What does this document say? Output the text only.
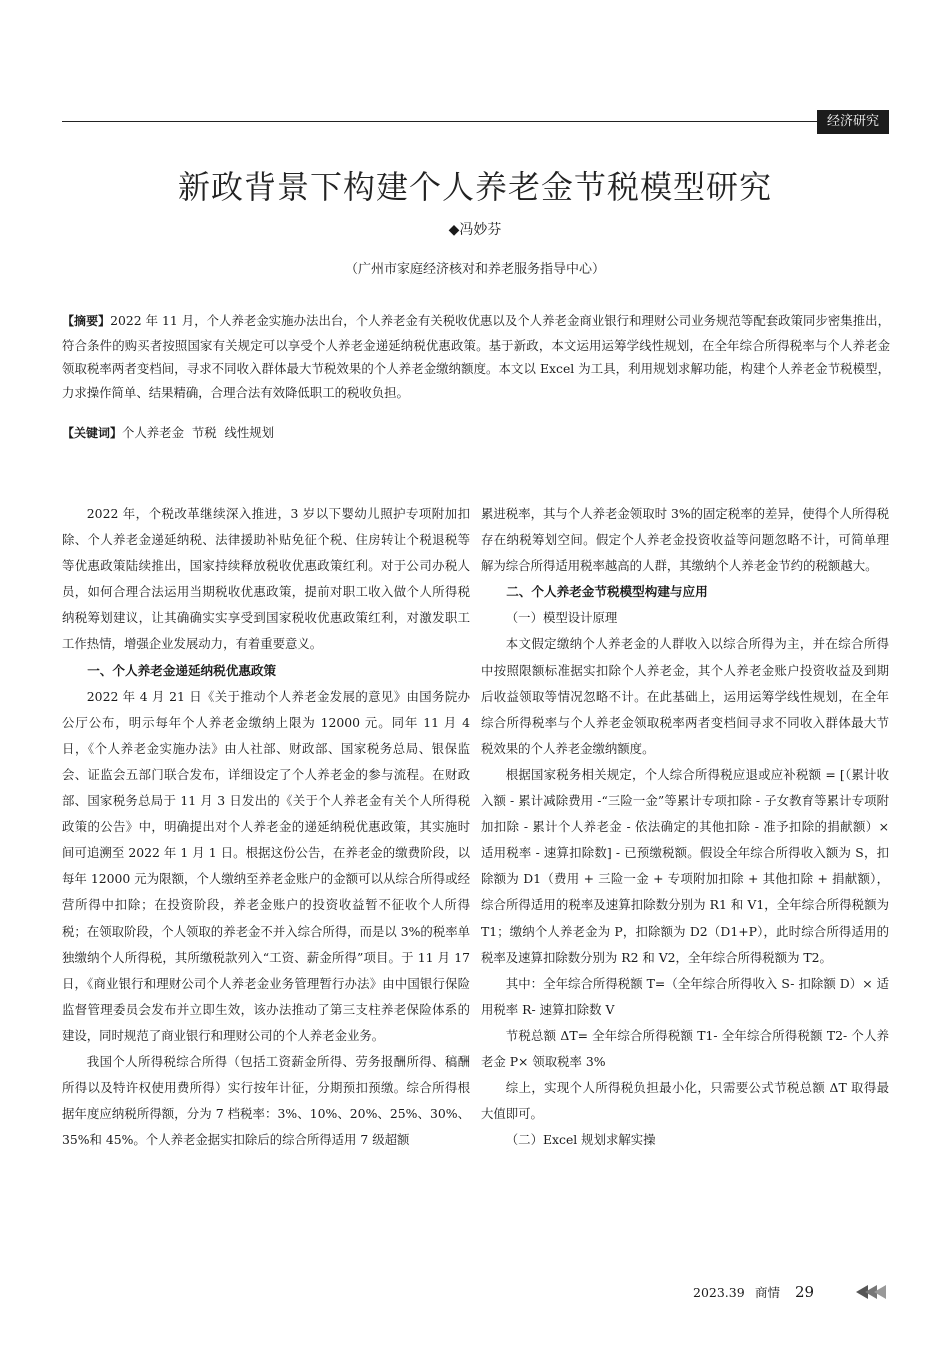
经济研究
新政背景下构建个人养老金节税模型研究
◆冯妙芬
（广州市家庭经济核对和养老服务指导中心）
【摘要】2022 年 11 月，个人养老金实施办法出台，个人养老金有关税收优惠以及个人养老金商业银行和理财公司业务规范等配套政策同步密集推出，符合条件的购买者按照国家有关规定可以享受个人养老金递延纳税优惠政策。基于新政，本文运用运筹学线性规划，在全年综合所得税率与个人养老金领取税率两者变档间，寻求不同收入群体最大节税效果的个人养老金缴纳额度。本文以 Excel 为工具，利用规划求解功能，构建个人养老金节税模型，力求操作简单、结果精确，合理合法有效降低职工的税收负担。
【关键词】个人养老金  节税  线性规划

2022 年，个税改革继续深入推进，3 岁以下婴幼儿照护专项附加扣除、个人养老金递延纳税、法律援助补贴免征个税、住房转让个税退税等等优惠政策陆续推出，国家持续释放税收优惠政策红利。对于公司办税人员，如何合理合法运用当期税收优惠政策，提前对职工收入做个人所得税纳税筹划建议，让其确确实实享受到国家税收优惠政策红利，对激发职工工作热情，增强企业发展动力，有着重要意义。

一、个人养老金递延纳税优惠政策

2022 年 4 月 21 日《关于推动个人养老金发展的意见》由国务院办公厅公布，明示每年个人养老金缴纳上限为 12000 元。同年 11 月 4 日，《个人养老金实施办法》由人社部、财政部、国家税务总局、银保监会、证监会五部门联合发布，详细设定了个人养老金的参与流程。在财政部、国家税务总局于 11 月 3 日发出的《关于个人养老金有关个人所得税政策的公告》中，明确提出对个人养老金的递延纳税优惠政策，其实施时间可追溯至 2022 年 1 月 1 日。根据这份公告，在养老金的缴费阶段，以每年 12000 元为限额，个人缴纳至养老金账户的金额可以从综合所得或经营所得中扣除；在投资阶段，养老金账户的投资收益暂不征收个人所得税；在领取阶段，个人领取的养老金不并入综合所得，而是以 3%的税率单独缴纳个人所得税，其所缴税款列入“工资、薪金所得”项目。于 11 月 17 日，《商业银行和理财公司个人养老金业务管理暂行办法》由中国银行保险监督管理委员会发布并立即生效，该办法推动了第三支柱养老保险体系的建设，同时规范了商业银行和理财公司的个人养老金业务。

我国个人所得税综合所得（包括工资薪金所得、劳务报酬所得、稿酬所得以及特许权使用费所得）实行按年计征，分期预扣预缴。综合所得根据年度应纳税所得额，分为 7 档税率：3%、10%、20%、25%、30%、35%和 45%。个人养老金据实扣除后的综合所得适用 7 级超额

累进税率，其与个人养老金领取时 3%的固定税率的差异，使得个人所得税存在纳税筹划空间。假定个人养老金投资收益等问题忽略不计，可简单理解为综合所得适用税率越高的人群，其缴纳个人养老金节约的税额越大。

二、个人养老金节税模型构建与应用

（一）模型设计原理

本文假定缴纳个人养老金的人群收入以综合所得为主，并在综合所得中按照限额标准据实扣除个人养老金，其个人养老金账户投资收益及到期后收益领取等情况忽略不计。在此基础上，运用运筹学线性规划，在全年综合所得税率与个人养老金领取税率两者变档间寻求不同收入群体最大节税效果的个人养老金缴纳额度。

根据国家税务相关规定，个人综合所得税应退或应补税额 = [（累计收入额 - 累计减除费用 -“三险一金”等累计专项扣除 - 子女教育等累计专项附加扣除 - 累计个人养老金 - 依法确定的其他扣除 - 准予扣除的捐献额）× 适用税率 - 速算扣除数] - 已预缴税额。假设全年综合所得收入额为 S，扣除额为 D1（费用 + 三险一金 + 专项附加扣除 + 其他扣除 + 捐献额），综合所得适用的税率及速算扣除数分别为 R1 和 V1，全年综合所得税额为 T1；缴纳个人养老金为 P，扣除额为 D2（D1+P），此时综合所得适用的税率及速算扣除数分别为 R2 和 V2，全年综合所得税额为 T2。

其中：全年综合所得税额 T=（全年综合所得收入 S- 扣除额 D）× 适用税率 R- 速算扣除数 V

节税总额 ΔT= 全年综合所得税额 T1- 全年综合所得税额 T2- 个人养老金 P× 领取税率 3%

综上，实现个人所得税负担最小化，只需要公式节税总额 ΔT 取得最大值即可。

（二）Excel 规划求解实操

2023.39 商情 29
